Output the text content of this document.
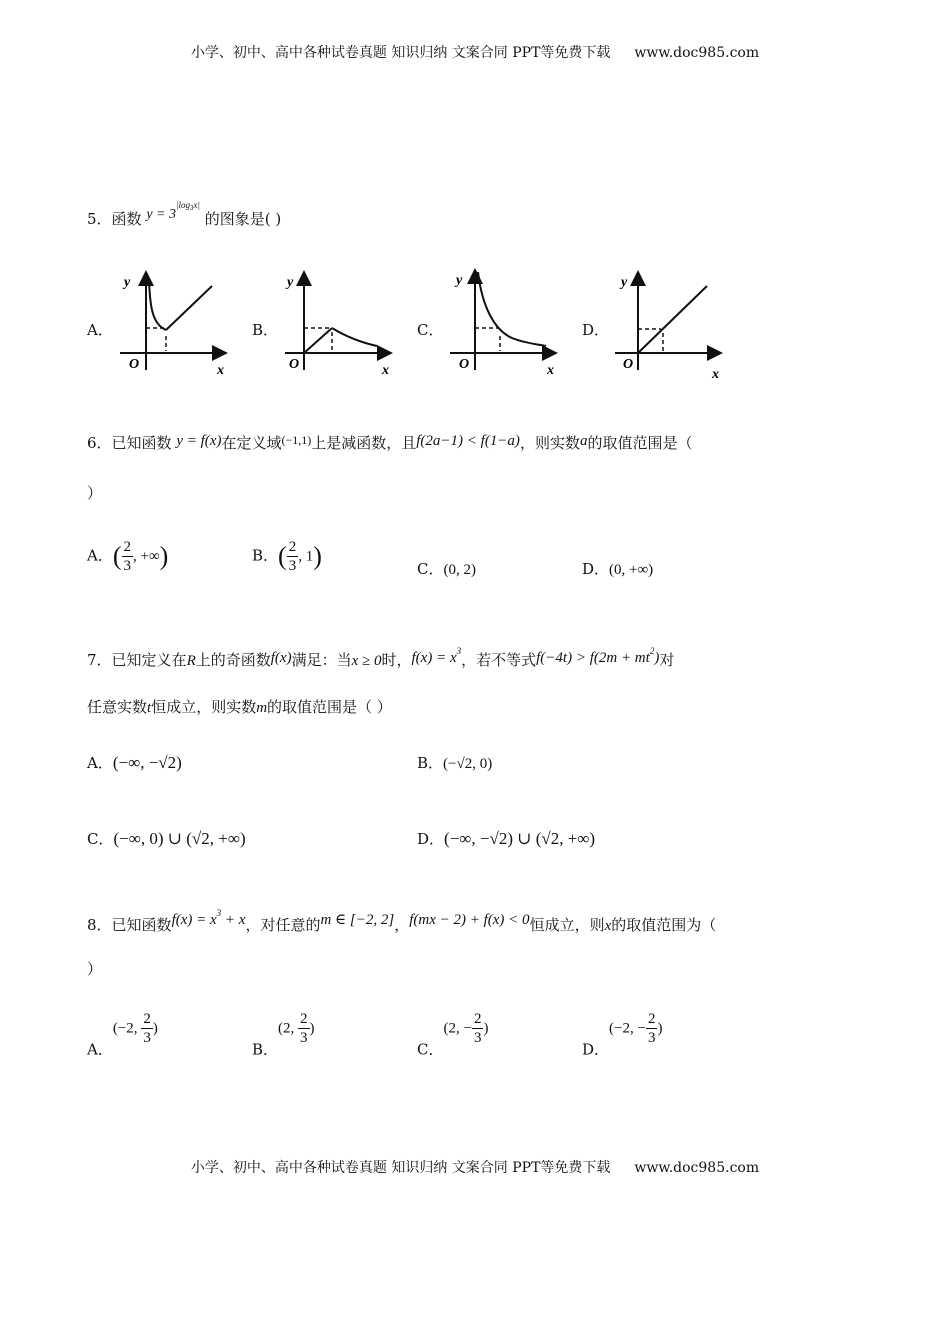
小学、初中、高中各种试卷真题 知识归纳 文案合同 PPT等免费下载 www.doc985.com
5．函数 $y = 3^{|log_3x|}$ 的图象是( )
A．	B．	C．	D．
y
x
O
y
x
O
y
x
O
y
x
O
6．已知函数 y = f(x)在定义域$^{(-1,1)}$上是减函数，且f(2a−1) < f(1−a)，则实数a的取值范围是（
）
A．( $\frac{2}{3}$ , +∞)	B．( $\frac{2}{3}$ , 1)	C．(0, 2)	D．(0, +∞)
7．已知定义在R上的奇函数f(x)满足：当x ≥ 0时，$f(x) = x^3$，若不等式$f(-4t) > f(2m + mt^2)$对
任意实数t恒成立，则实数m的取值范围是（ ）
A．(−∞, −√2)	B．(−√2, 0)
C．(−∞, 0) ∪ (√2, +∞)	D．(−∞, −√2) ∪ (√2, +∞)
8．已知函数$f(x) = x^3 + x$，对任意的m ∈ [−2, 2]，f(mx − 2) + f(x) < 0恒成立，则x的取值范围为（
）
A．(−2, $\frac{2}{3}$ )
B．(2, $\frac{2}{3}$ )
C．(2, − $\frac{2}{3}$ )
D．(−2, − $\frac{2}{3}$ )
小学、初中、高中各种试卷真题 知识归纳 文案合同 PPT等免费下载 www.doc985.com
